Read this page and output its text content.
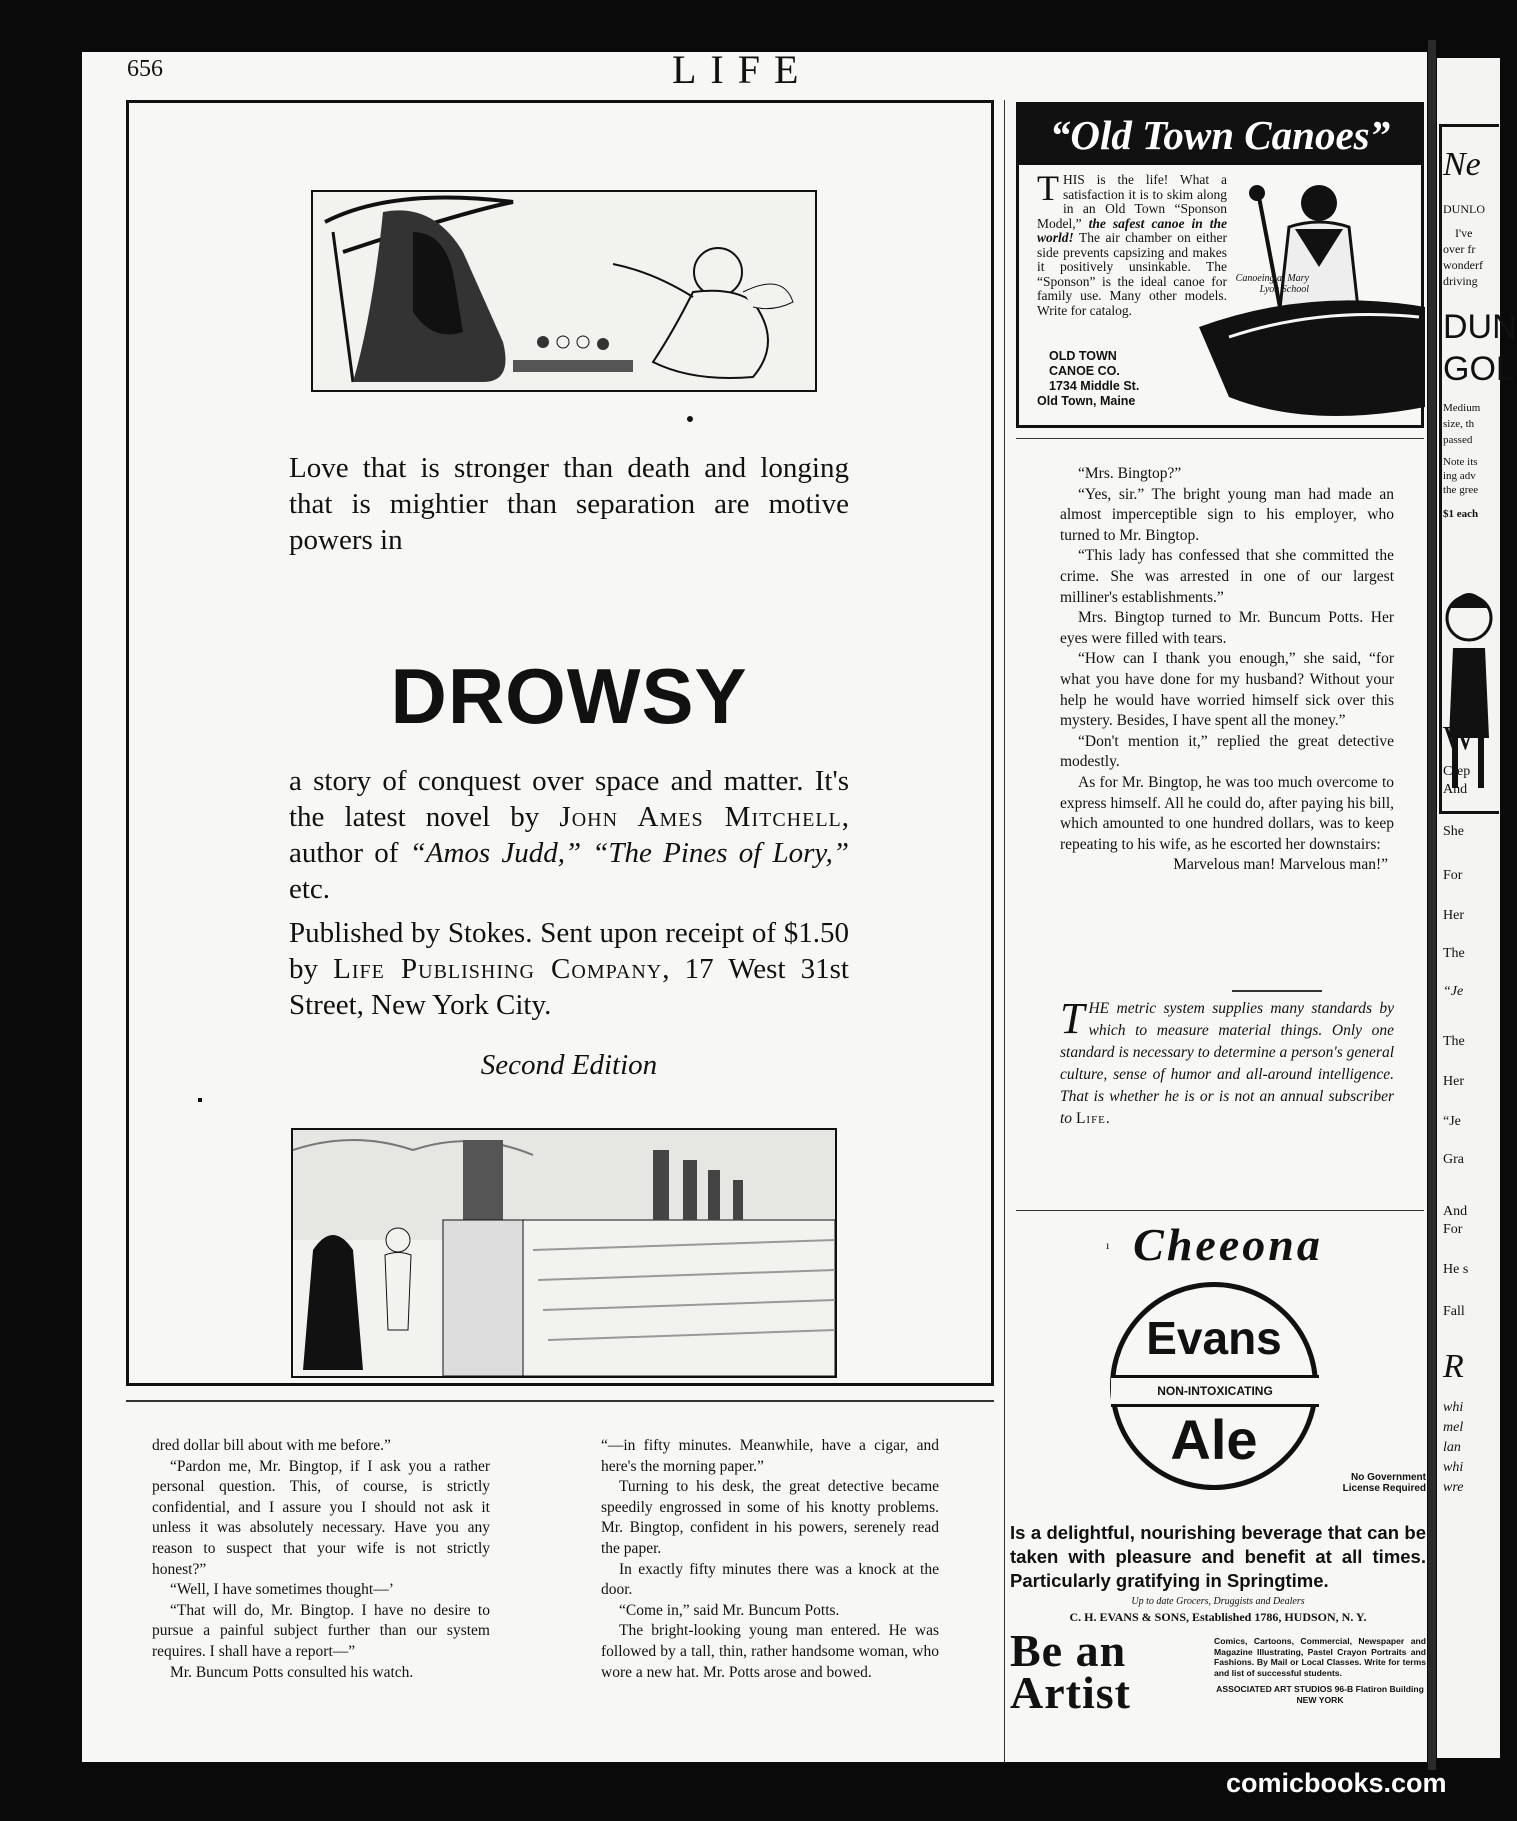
656	LIFE
Love that is stronger than death and longing that is mightier than separation are motive powers in
DROWSY
a story of conquest over space and matter. It's the latest novel by John Ames Mitchell, author of “Amos Judd,” “The Pines of Lory,” etc.
Published by Stokes. Sent upon receipt of $1.50 by Life Publishing Company, 17 West 31st Street, New York City.
Second Edition

dred dollar bill about with me before.”

“Pardon me, Mr. Bingtop, if I ask you a rather personal question. This, of course, is strictly confidential, and I assure you I should not ask it unless it was absolutely necessary. Have you any reason to suspect that your wife is not strictly honest?”

“Well, I have sometimes thought—’

“That will do, Mr. Bingtop. I have no desire to pursue a painful subject further than our system requires. I shall have a report—”

Mr. Buncum Potts consulted his watch.

“—in fifty minutes. Meanwhile, have a cigar, and here's the morning paper.”

Turning to his desk, the great detective became speedily engrossed in some of his knotty problems. Mr. Bingtop, confident in his powers, serenely read the paper.

In exactly fifty minutes there was a knock at the door.

“Come in,” said Mr. Buncum Potts.

The bright-looking young man entered. He was followed by a tall, thin, rather handsome woman, who wore a new hat. Mr. Potts arose and bowed.

“Mrs. Bingtop?”

“Yes, sir.” The bright young man had made an almost imperceptible sign to his employer, who turned to Mr. Bingtop.

“This lady has confessed that she committed the crime. She was arrested in one of our largest milliner's establishments.”

Mrs. Bingtop turned to Mr. Buncum Potts. Her eyes were filled with tears.

“How can I thank you enough,” she said, “for what you have done for my husband? Without your help he would have worried himself sick over this mystery. Besides, I have spent all the money.”

“Don't mention it,” replied the great detective modestly.

As for Mr. Bingtop, he was too much overcome to express himself. All he could do, after paying his bill, which amounted to one hundred dollars, was to keep repeating to his wife, as he escorted her downstairs:

Marvelous man! Marvelous man!”

“Old Town Canoes”
THIS is the life! What a satisfaction it is to skim along in an Old Town “Sponson Model,” the safest canoe in the world! The air chamber on either side prevents capsizing and makes it positively unsinkable. The “Sponson” is the ideal canoe for family use. Many other models. Write for catalog.
Canoeing at Mary Lyon School
OLD TOWN
CANOE CO.
1734 Middle St.
Old Town, Maine
THE metric system supplies many standards by which to measure material things. Only one standard is necessary to determine a person's general culture, sense of humor and all-around intelligence. That is whether he is or is not an annual subscriber to Life.
Cheeona
Evans
NON-INTOXICATING
Ale
No Government License Required
Is a delightful, nourishing beverage that can be taken with pleasure and benefit at all times. Particularly gratifying in Springtime.
Up to date Grocers, Druggists and Dealers
C. H. EVANS & SONS, Established 1786, HUDSON, N. Y.
Be an
Artist
Comics, Cartoons, Commercial, Newspaper and Magazine Illustrating, Pastel Crayon Portraits and Fashions. By Mail or Local Classes. Write for terms and list of successful students.
ASSOCIATED ART STUDIOS 96-B Flatiron Building NEW YORK
ı
Ne
DUNLO
I've
over fr
wonderf
driving
DUN
GOL
Medium
size, th
passed
Note its
ing adv
the gree
$1 each
W
Crep
And
She
For
Her
The
“Je
The
Her
“Je
Gra
And
For
He s
Fall
R
whi
mel
lan
whi
wre
comicbooks.com
